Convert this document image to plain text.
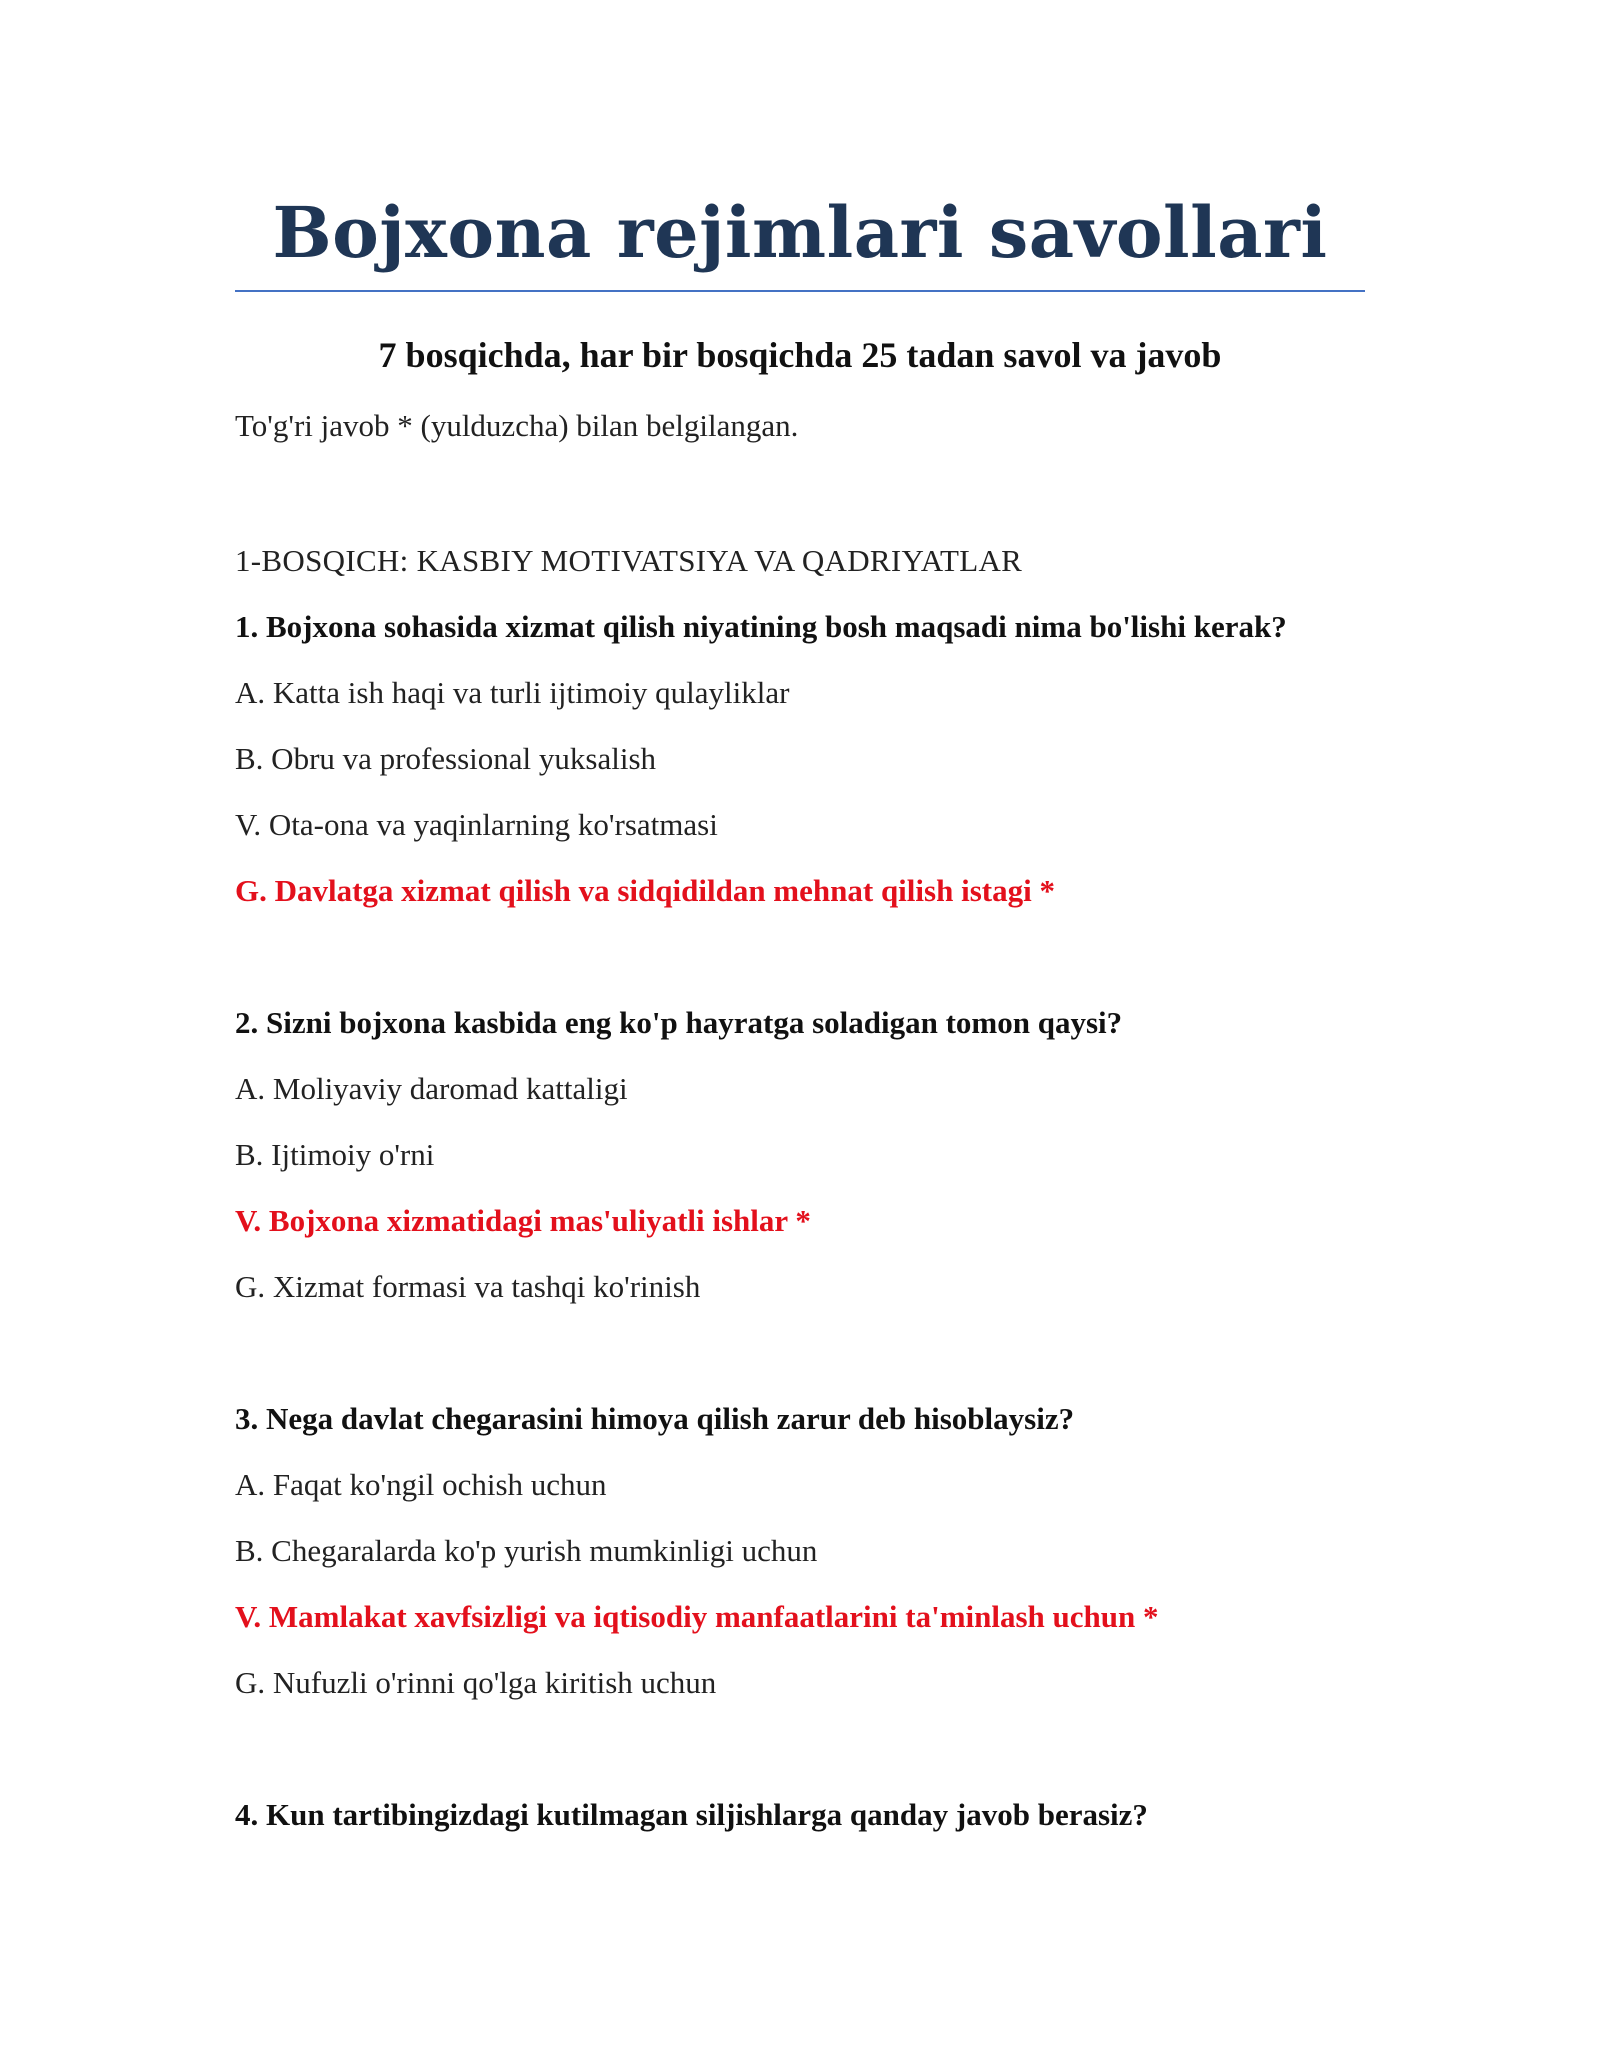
Bojxona rejimlari savollari
7 bosqichda, har bir bosqichda 25 tadan savol va javob
To'g'ri javob * (yulduzcha) bilan belgilangan.
1-BOSQICH: KASBIY MOTIVATSIYA VA QADRIYATLAR
1. Bojxona sohasida xizmat qilish niyatining bosh maqsadi nima bo'lishi kerak?
A. Katta ish haqi va turli ijtimoiy qulayliklar
B. Obru va professional yuksalish
V. Ota-ona va yaqinlarning ko'rsatmasi
G. Davlatga xizmat qilish va sidqidildan mehnat qilish istagi *
2. Sizni bojxona kasbida eng ko'p hayratga soladigan tomon qaysi?
A. Moliyaviy daromad kattaligi
B. Ijtimoiy o'rni
V. Bojxona xizmatidagi mas'uliyatli ishlar *
G. Xizmat formasi va tashqi ko'rinish
3. Nega davlat chegarasini himoya qilish zarur deb hisoblaysiz?
A. Faqat ko'ngil ochish uchun
B. Chegaralarda ko'p yurish mumkinligi uchun
V. Mamlakat xavfsizligi va iqtisodiy manfaatlarini ta'minlash uchun *
G. Nufuzli o'rinni qo'lga kiritish uchun
4. Kun tartibingizdagi kutilmagan siljishlarga qanday javob berasiz?
